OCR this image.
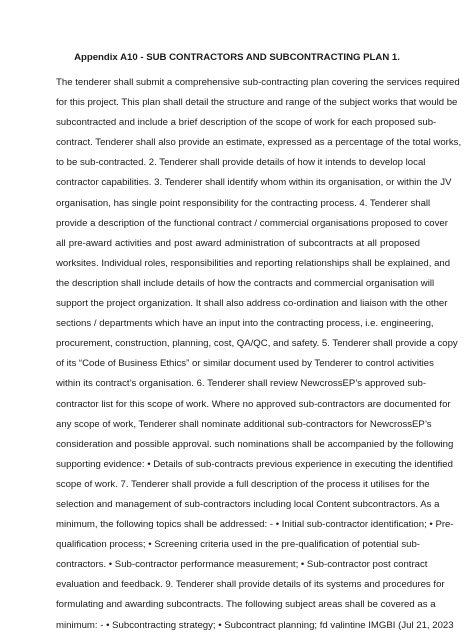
Appendix A10 - SUB CONTRACTORS AND SUBCONTRACTING PLAN 1.
The tenderer shall submit a comprehensive sub-contracting plan covering the services required
for this project. This plan shall detail the structure and range of the subject works that would be
subcontracted and include a brief description of the scope of work for each proposed sub-
contract. Tenderer shall also provide an estimate, expressed as a percentage of the total works,
to be sub-contracted. 2. Tenderer shall provide details of how it intends to develop local
contractor capabilities. 3. Tenderer shall identify whom within its organisation, or within the JV
organisation, has single point responsibility for the contracting process. 4. Tenderer shall
provide a description of the functional contract / commercial organisations proposed to cover
all pre-award activities and post award administration of subcontracts at all proposed
worksites. Individual roles, responsibilities and reporting relationships shall be explained, and
the description shall include details of how the contracts and commercial organisation will
support the project organization. It shall also address co-ordination and liaison with the other
sections / departments which have an input into the contracting process, i.e. engineering,
procurement, construction, planning, cost, QA/QC, and safety. 5. Tenderer shall provide a copy
of its “Code of Business Ethics” or similar document used by Tenderer to control activities
within its contract’s organisation. 6. Tenderer shall review NewcrossEP’s approved sub-
contractor list for this scope of work. Where no approved sub-contractors are documented for
any scope of work, Tenderer shall nominate additional sub-contractors for NewcrossEP’s
consideration and possible approval. such nominations shall be accompanied by the following
supporting evidence: • Details of sub-contracts previous experience in executing the identified
scope of work. 7. Tenderer shall provide a full description of the process it utilises for the
selection and management of sub-contractors including local Content subcontractors. As a
minimum, the following topics shall be addressed: - • Initial sub-contractor identification; • Pre-
qualification process; • Screening criteria used in the pre-qualification of potential sub-
contractors. • Sub-contractor performance measurement; • Sub-contractor post contract
evaluation and feedback. 9. Tenderer shall provide details of its systems and procedures for
formulating and awarding subcontracts. The following subject areas shall be covered as a
minimum: - • Subcontracting strategy; • Subcontract planning; fd valintine IMGBI (Jul 21, 2023
